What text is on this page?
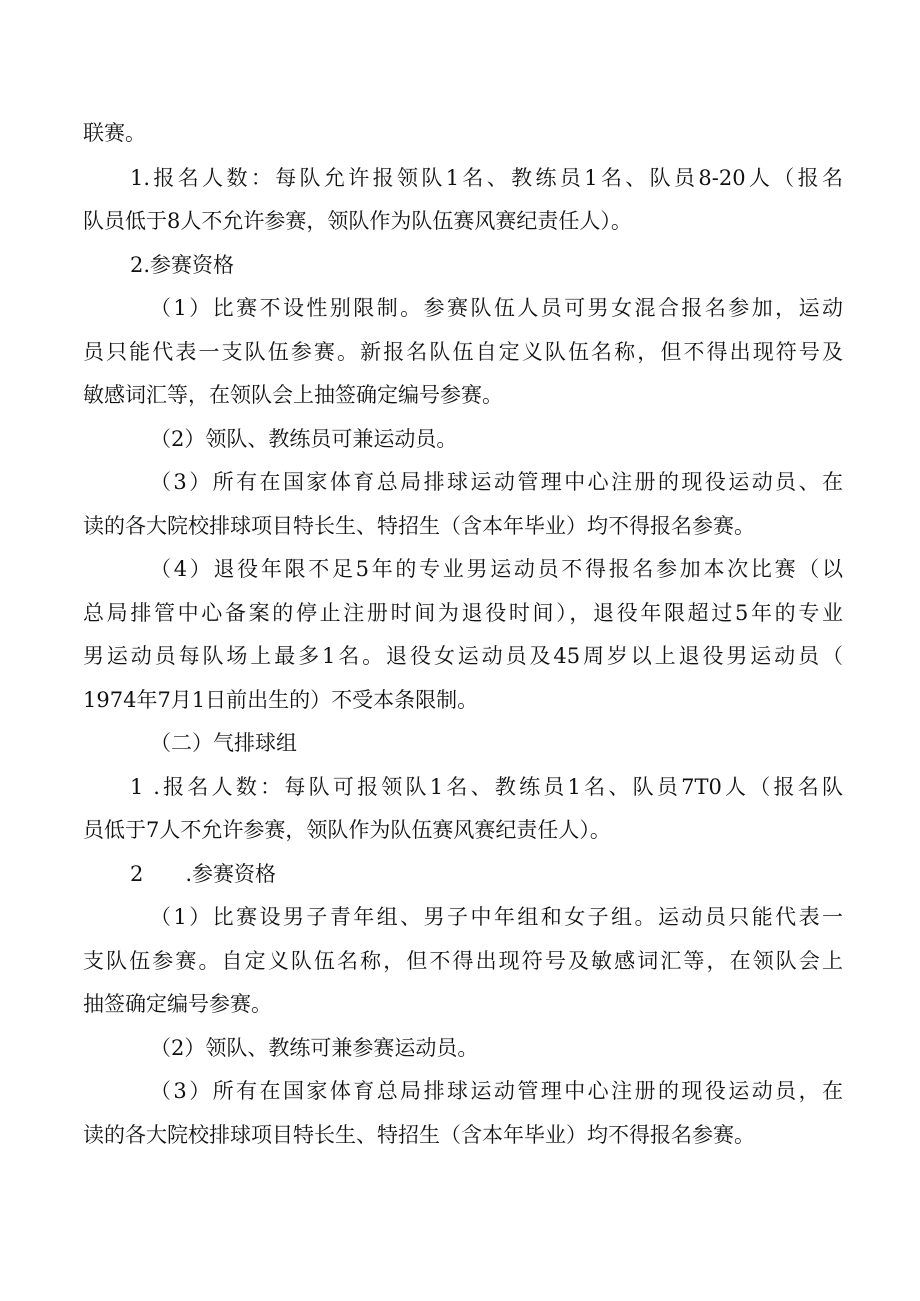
联赛。
1.报名人数：每队允许报领队1名、教练员1名、队员8-20人（报名
队员低于8人不允许参赛，领队作为队伍赛风赛纪责任人）。
2.参赛资格
（1）比赛不设性别限制。参赛队伍人员可男女混合报名参加，运动
员只能代表一支队伍参赛。新报名队伍自定义队伍名称，但不得出现符号及
敏感词汇等，在领队会上抽签确定编号参赛。
（2）领队、教练员可兼运动员。
（3）所有在国家体育总局排球运动管理中心注册的现役运动员、在
读的各大院校排球项目特长生、特招生（含本年毕业）均不得报名参赛。
（4）退役年限不足5年的专业男运动员不得报名参加本次比赛（以
总局排管中心备案的停止注册时间为退役时间），退役年限超过5年的专业
男运动员每队场上最多1名。退役女运动员及45周岁以上退役男运动员（
1974年7月1日前出生的）不受本条限制。
（二）气排球组
1 .报名人数：每队可报领队1名、教练员1名、队员7T0人（报名队
员低于7人不允许参赛，领队作为队伍赛风赛纪责任人）。
2　　.参赛资格
（1）比赛设男子青年组、男子中年组和女子组。运动员只能代表一
支队伍参赛。自定义队伍名称，但不得出现符号及敏感词汇等，在领队会上
抽签确定编号参赛。
（2）领队、教练可兼参赛运动员。
（3）所有在国家体育总局排球运动管理中心注册的现役运动员，在
读的各大院校排球项目特长生、特招生（含本年毕业）均不得报名参赛。
